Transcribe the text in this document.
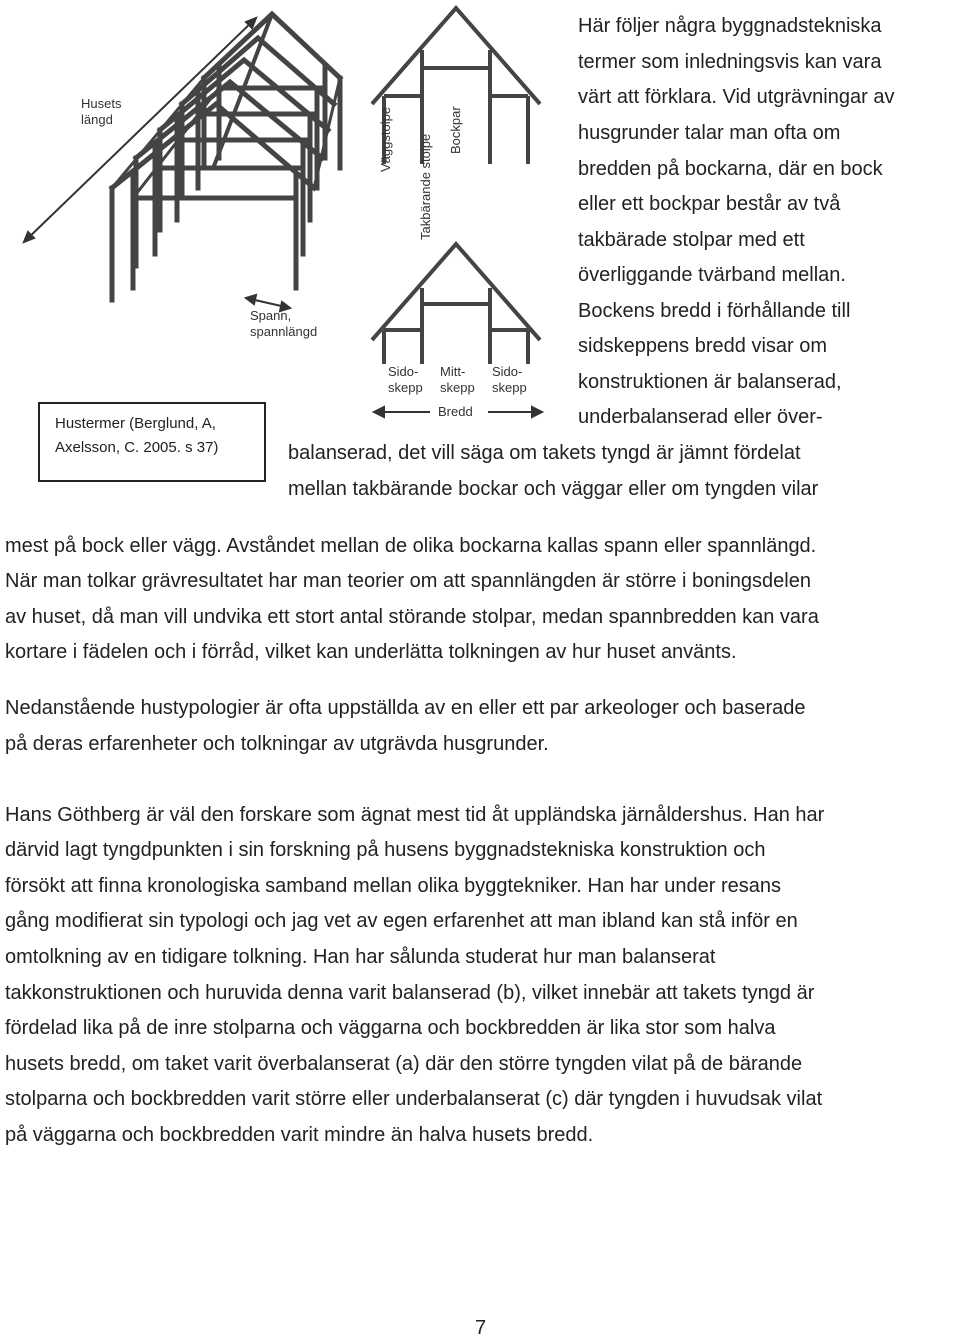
Husets
längd
Spann,
spannlängd
Väggstolpe Takbärande stolpe
Bockpar
Sido-
skepp
Mitt-
skepp
Sido-
skepp
Bredd
Hustermer (Berglund, A,
Axelsson, C. 2005. s 37)
Här följer några byggnadstekniska
termer som inledningsvis kan vara
värt att förklara. Vid utgrävningar av
husgrunder talar man ofta om
bredden på bockarna, där en bock
eller ett bockpar består av två
takbärade stolpar med ett
överliggande tvärband mellan.
Bockens bredd i förhållande till
sidskeppens bredd visar om
konstruktionen är balanserad,
underbalanserad eller över-
balanserad, det vill säga om takets tyngd är jämnt fördelat
mellan takbärande bockar och väggar eller om tyngden vilar
mest på bock eller vägg. Avståndet mellan de olika bockarna kallas spann eller spannlängd.
När man tolkar grävresultatet har man teorier om att spannlängden är större i boningsdelen
av huset, då man vill undvika ett stort antal störande stolpar, medan spannbredden kan vara
kortare i fädelen och i förråd, vilket kan underlätta tolkningen av hur huset använts.
Nedanstående hustypologier är ofta uppställda av en eller ett par arkeologer och baserade
på deras erfarenheter och tolkningar av utgrävda husgrunder.
Hans Göthberg är väl den forskare som ägnat mest tid åt uppländska järnåldershus. Han har
därvid lagt tyngdpunkten i sin forskning på husens byggnadstekniska konstruktion och
försökt att finna kronologiska samband mellan olika byggtekniker. Han har under resans
gång modifierat sin typologi och jag vet av egen erfarenhet att man ibland kan stå inför en
omtolkning av en tidigare tolkning. Han har sålunda studerat hur man balanserat
takkonstruktionen och huruvida denna varit balanserad (b), vilket innebär att takets tyngd är
fördelad lika på de inre stolparna och väggarna och bockbredden är lika stor som halva
husets bredd, om taket varit överbalanserat (a) där den större tyngden vilat på de bärande
stolparna och bockbredden varit större eller underbalanserat (c) där tyngden i huvudsak vilat
på väggarna och bockbredden varit mindre än halva husets bredd.
7
